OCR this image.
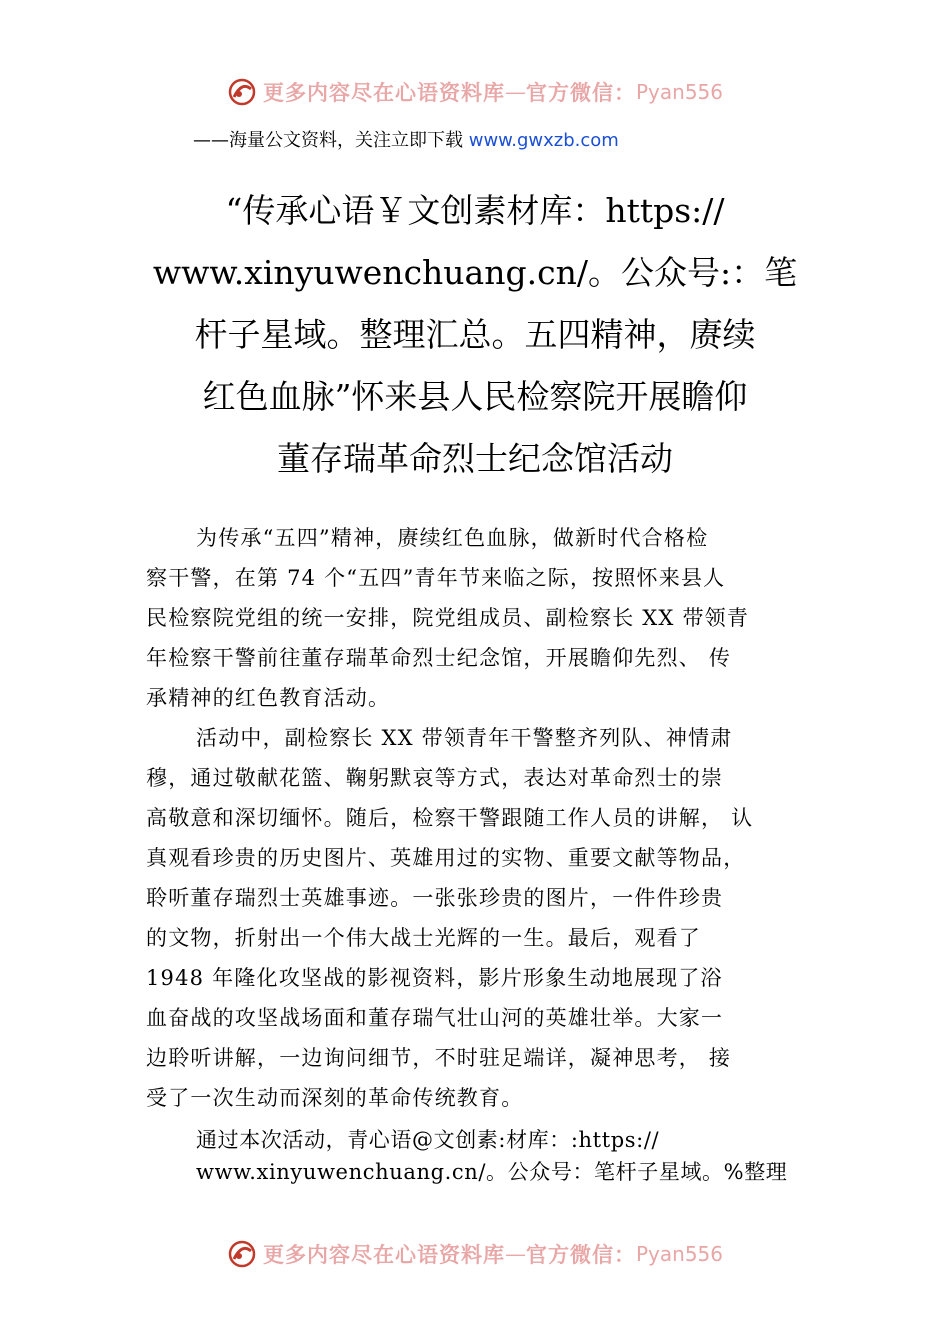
更多内容尽在心语资料库 — 官方微信： Pyan556
——海量公文资料，关注立即下载 www.gwxzb.com
“传承心语￥文创素材库：https://
www.xinyuwenchuang.cn/。公众号:：笔
杆子星域。整理汇总。五四精神，赓续
红色血脉”怀来县人民检察院开展瞻仰
董存瑞革命烈士纪念馆活动
为传承“五四”精神，赓续红色血脉，做新时代合格检
察干警，在第 74 个“五四”青年节来临之际，按照怀来县人
民检察院党组的统一安排，院党组成员、副检察长 XX 带领青
年检察干警前往董存瑞革命烈士纪念馆，开展瞻仰先烈、 传
承精神的红色教育活动。
活动中，副检察长 XX 带领青年干警整齐列队、神情肃
穆，通过敬献花篮、鞠躬默哀等方式，表达对革命烈士的崇
高敬意和深切缅怀。随后，检察干警跟随工作人员的讲解， 认
真观看珍贵的历史图片、英雄用过的实物、重要文献等物品，
聆听董存瑞烈士英雄事迹。一张张珍贵的图片，一件件珍贵
的文物，折射出一个伟大战士光辉的一生。最后，观看了
1948 年隆化攻坚战的影视资料，影片形象生动地展现了浴
血奋战的攻坚战场面和董存瑞气壮山河的英雄壮举。大家一
边聆听讲解，一边询问细节，不时驻足端详，凝神思考， 接
受了一次生动而深刻的革命传统教育。
通过本次活动，青心语@文创素:材库：:https://
www.xinyuwenchuang.cn/。公众号：笔杆子星域。%整理
更多内容尽在心语资料库 — 官方微信： Pyan556
